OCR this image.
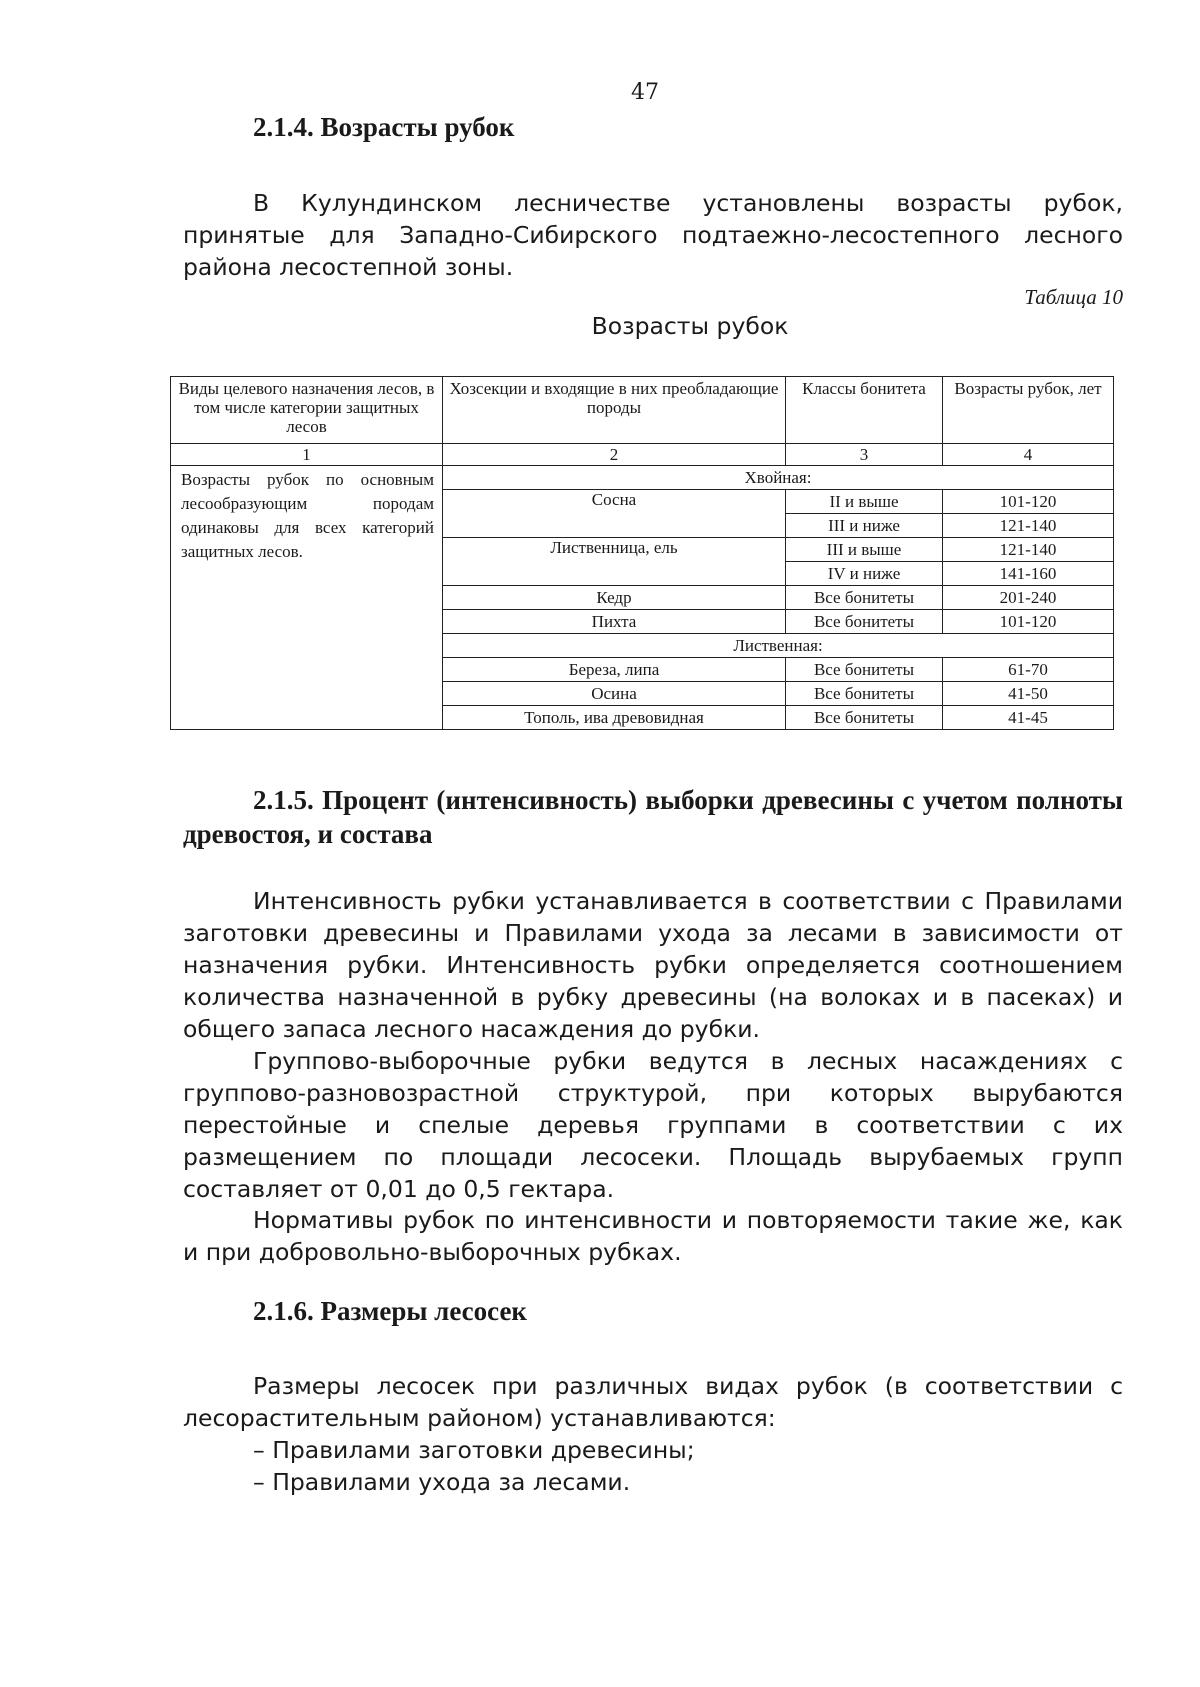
47
2.1.4. Возрасты рубок

В Кулундинском лесничестве установлены возрасты рубок, принятые для Западно-Сибирского подтаежно-лесостепного лесного района лесостепной зоны.

Таблица 10
Возрасты рубок
Виды целевого назначения лесов, в том числе категории защитных лесов	Хозсекции и входящие в них преобладающие породы	Классы бонитета	Возрасты рубок, лет
1	2	3	4
Возрасты рубок по основным лесообразующим породам одинаковы для всех категорий защитных лесов.	Хвойная:		
	Сосна	II и выше	101-120
		III и ниже	121-140
	Лиственница, ель	III и выше	121-140
		IV и ниже	141-160
	Кедр	Все бонитеты	201-240
	Пихта	Все бонитеты	101-120
	Лиственная:		
	Береза, липа	Все бонитеты	61-70
	Осина	Все бонитеты	41-50
	Тополь, ива древовидная	Все бонитеты	41-45
2.1.5. Процент (интенсивность) выборки древесины с учетом полноты древостоя, и состава

Интенсивность рубки устанавливается в соответствии с Правилами заготовки древесины и Правилами ухода за лесами в зависимости от назначения рубки. Интенсивность рубки определяется соотношением количества назначенной в рубку древесины (на волоках и в пасеках) и общего запаса лесного насаждения до рубки.

Группово-выборочные рубки ведутся в лесных насаждениях с группово-разновозрастной структурой, при которых вырубаются перестойные и спелые деревья группами в соответствии с их размещением по площади лесосеки. Площадь вырубаемых групп составляет от 0,01 до 0,5 гектара.

Нормативы рубок по интенсивности и повторяемости такие же, как и при добровольно-выборочных рубках.

2.1.6. Размеры лесосек

Размеры лесосек при различных видах рубок (в соответствии с лесорастительным районом) устанавливаются:

– Правилами заготовки древесины;

– Правилами ухода за лесами.
